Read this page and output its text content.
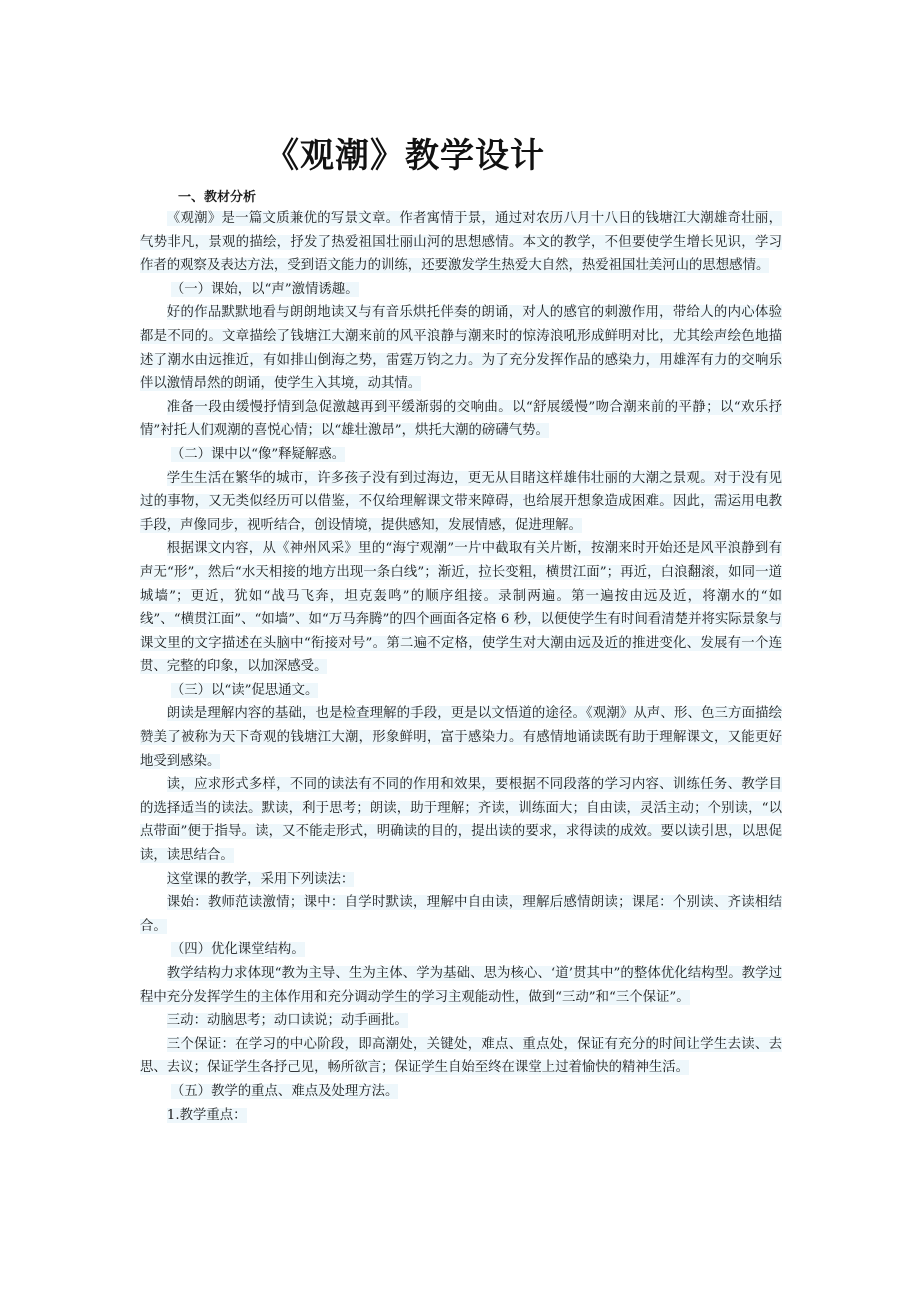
《观潮》教学设计
一、教材分析

《观潮》是一篇文质兼优的写景文章。作者寓情于景，通过对农历八月十八日的钱塘江大潮雄奇壮丽，气势非凡，景观的描绘，抒发了热爱祖国壮丽山河的思想感情。本文的教学，不但要使学生增长见识，学习作者的观察及表达方法，受到语文能力的训练，还要激发学生热爱大自然，热爱祖国壮美河山的思想感情。

（一）课始，以“声”激情诱趣。

好的作品默默地看与朗朗地读又与有音乐烘托伴奏的朗诵，对人的感官的刺激作用，带给人的内心体验都是不同的。文章描绘了钱塘江大潮来前的风平浪静与潮来时的惊涛浪吼形成鲜明对比，尤其绘声绘色地描述了潮水由远推近，有如排山倒海之势，雷霆万钧之力。为了充分发挥作品的感染力，用雄浑有力的交响乐伴以激情昂然的朗诵，使学生入其境，动其情。

准备一段由缓慢抒情到急促激越再到平缓渐弱的交响曲。以“舒展缓慢”吻合潮来前的平静；以“欢乐抒情”衬托人们观潮的喜悦心情；以“雄壮激昂”，烘托大潮的磅礴气势。

（二）课中以“像”释疑解惑。

学生生活在繁华的城市，许多孩子没有到过海边，更无从目睹这样雄伟壮丽的大潮之景观。对于没有见过的事物，又无类似经历可以借鉴，不仅给理解课文带来障碍，也给展开想象造成困难。因此，需运用电教手段，声像同步，视听结合，创设情境，提供感知，发展情感，促进理解。

根据课文内容，从《神州风采》里的“海宁观潮”一片中截取有关片断，按潮来时开始还是风平浪静到有声无“形”，然后“水天相接的地方出现一条白线”；渐近，拉长变粗，横贯江面”；再近，白浪翻滚，如同一道城墙”；更近，犹如“战马飞奔，坦克轰鸣”的顺序组接。录制两遍。第一遍按由远及近，将潮水的“如线”、“横贯江面”、“如墙”、如“万马奔腾”的四个画面各定格 6 秒，以便使学生有时间看清楚并将实际景象与课文里的文字描述在头脑中“衔接对号”。第二遍不定格，使学生对大潮由远及近的推进变化、发展有一个连贯、完整的印象，以加深感受。

（三）以“读”促思通文。

朗读是理解内容的基础，也是检查理解的手段，更是以文悟道的途径。《观潮》从声、形、色三方面描绘赞美了被称为天下奇观的钱塘江大潮，形象鲜明，富于感染力。有感情地诵读既有助于理解课文，又能更好地受到感染。

读，应求形式多样，不同的读法有不同的作用和效果，要根据不同段落的学习内容、训练任务、教学目的选择适当的读法。默读，利于思考；朗读，助于理解；齐读，训练面大；自由读，灵活主动；个别读，“以点带面”便于指导。读，又不能走形式，明确读的目的，提出读的要求，求得读的成效。要以读引思，以思促读，读思结合。

这堂课的教学，采用下列读法：

课始：教师范读激情；课中：自学时默读，理解中自由读，理解后感情朗读；课尾：个别读、齐读相结合。

（四）优化课堂结构。

教学结构力求体现“教为主导、生为主体、学为基础、思为核心、‘道’贯其中”的整体优化结构型。教学过程中充分发挥学生的主体作用和充分调动学生的学习主观能动性，做到“三动”和“三个保证”。

三动：动脑思考；动口读说；动手画批。

三个保证：在学习的中心阶段，即高潮处，关键处，难点、重点处，保证有充分的时间让学生去读、去思、去议；保证学生各抒己见，畅所欲言；保证学生自始至终在课堂上过着愉快的精神生活。

（五）教学的重点、难点及处理方法。

1.教学重点：
